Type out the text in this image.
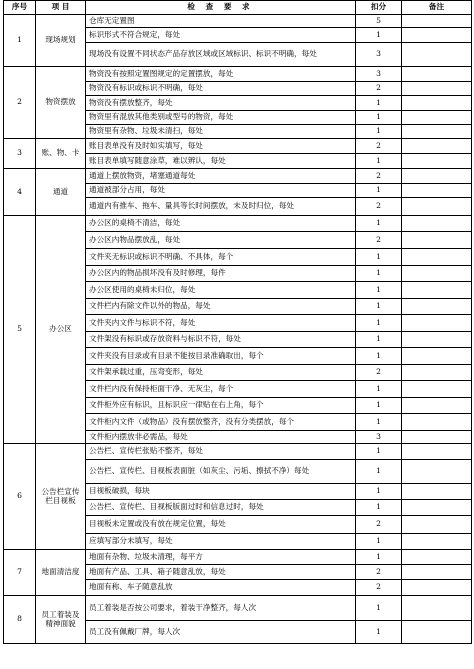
序号	项 目	检 查 要 求	扣分	备注
1	现场规划	仓库无定置图	5	
		标识形式不符合规定，每处	1	
		现场没有设置不同状态产品存放区域或区域标识、标识不明确，每处	3	
2	物资摆放	物资没有按照定置图规定的定置摆放，每处	3	
		物资没有标识或标识不明确，每处	2	
		物资没有摆放整齐，每处	1	
		物资里有混放其他类别或型号的物资，每处	1	
		物资里有杂物、垃圾未清扫，每处	1	
3	账、物、卡	账目表单没有及时如实填写，每处	2	
		账目表单填写随意涂草，难以辨认，每处	1	
4	通道	通道上摆放物资，堵塞通道每处	2	
		通道被部分占用，每处	1	
		通道内有推车、拖车、量具等长时间摆放，未及时归位，每处	2	
5	办公区	办公区的桌椅不清洁，每处	1	
		办公区内物品摆放乱，每处	2	
		文件夹无标识或标识不明确、不具体，每个	1	
		办公区内的物品损坏没有及时修理，每件	1	
		办公区使用的桌椅未归位，每处	1	
		文件栏内有除文件以外的物品，每处	1	
		文件夹内文件与标识不符，每处	1	
		文件架没有标识或存放资料与标识不符，每处	1	
		文件夹没有目录或有目录不能按目录准确取出，每个	1	
		文件架承载过重，压弯变形，每处	2	
		文件栏内没有保持柜面干净、无灰尘，每个	1	
		文件柜外应有标识，且标识应一律贴在右上角，每个	1	
		文件柜内文件（或物品）没有摆放整齐，没有分类摆放，每个	1	
		文件柜内摆放非必需品，每处	3	
6	公告栏宣传栏目视板	公告栏、宣传栏张贴不整齐，每处	1	
		公告栏、宣传栏、目视板表面脏（如灰尘、污垢、擦拭不净）每处	1	
		目视板破损，每块	1	
		公告栏、宣传栏、目视板版面过时和信息过时，每处	1	
		目视板未定置或没有放在规定位置，每处	2	
		应填写部分未填写，每处	1	
7	地面清洁度	地面有杂物、垃圾未清理，每平方	1	
		地面有产品、工具、箱子随意乱放，每处	2	
		地面有称、车子随意乱放	2	
8	员工着装及精神面貌	员工着装是否按公司要求，着装干净整齐，每人次	1	
		员工没有佩戴厂牌，每人次	1	
